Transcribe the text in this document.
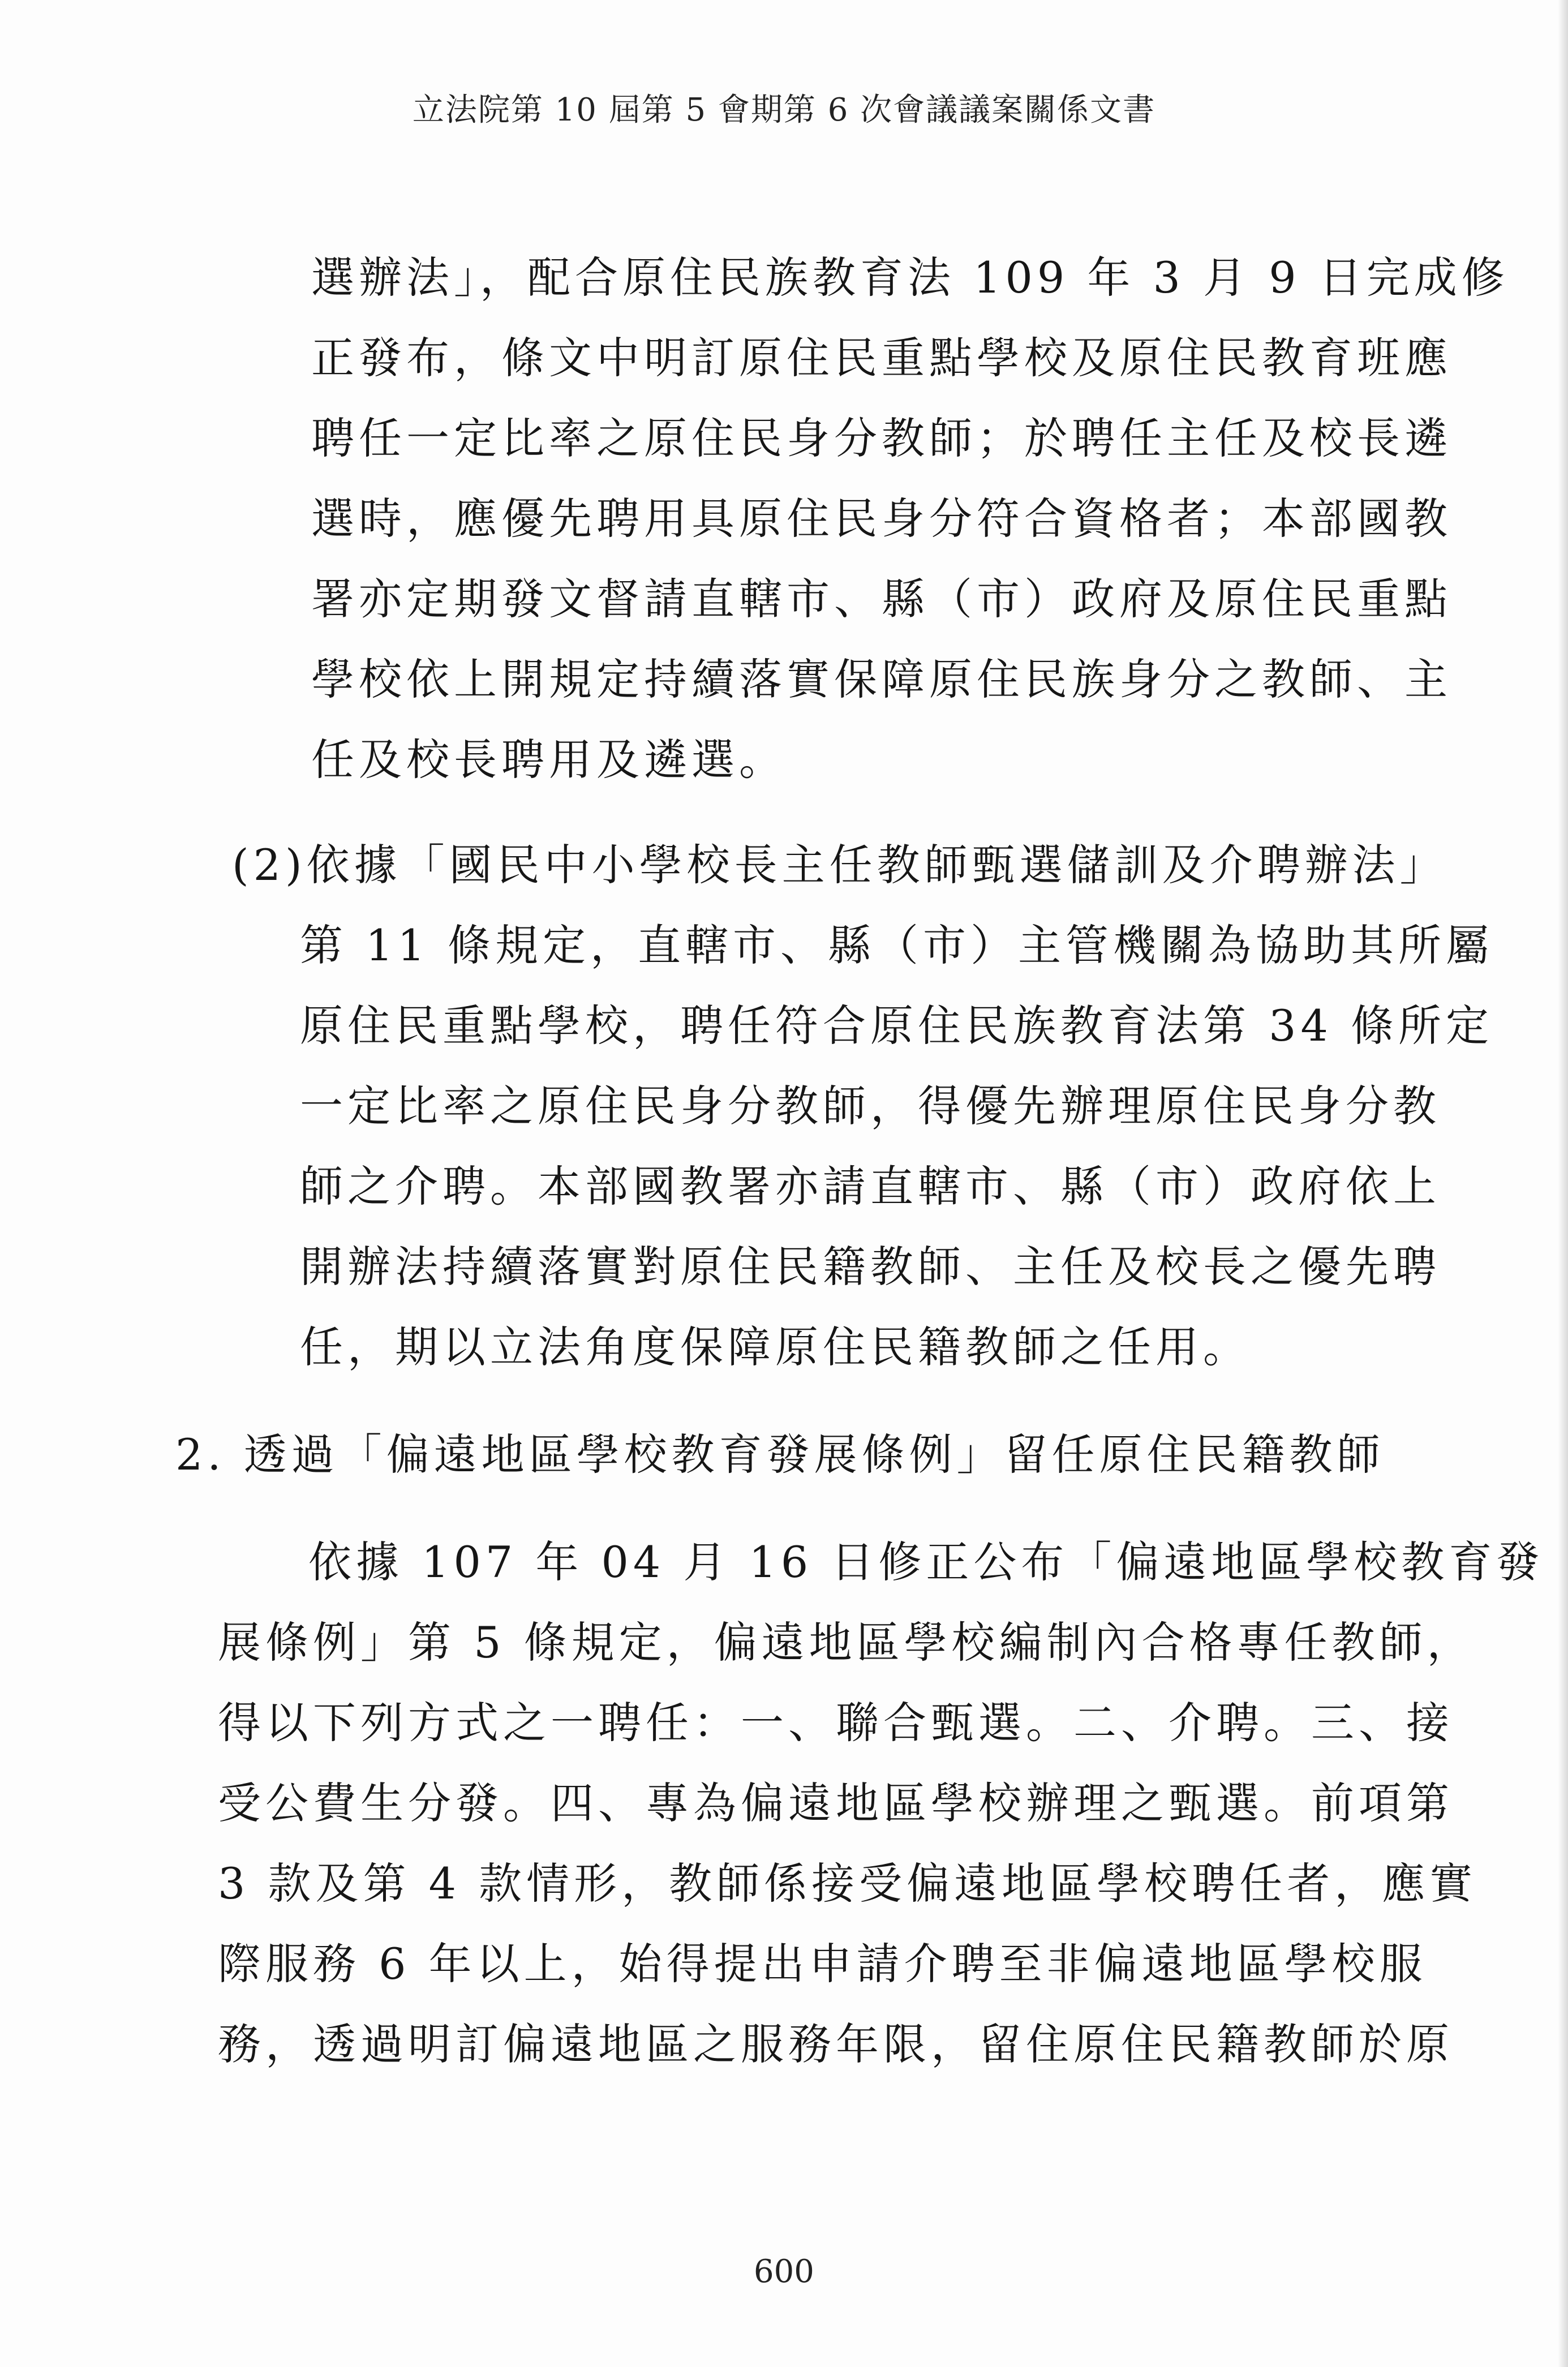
立法院第 10 屆第 5 會期第 6 次會議議案關係文書
選辦法」，配合原住民族教育法 109 年 3 月 9 日完成修
正發布，條文中明訂原住民重點學校及原住民教育班應
聘任一定比率之原住民身分教師；於聘任主任及校長遴
選時，應優先聘用具原住民身分符合資格者；本部國教
署亦定期發文督請直轄市、縣（市）政府及原住民重點
學校依上開規定持續落實保障原住民族身分之教師、主
任及校長聘用及遴選。
(2)依據「國民中小學校長主任教師甄選儲訓及介聘辦法」
第 11 條規定，直轄市、縣（市）主管機關為協助其所屬
原住民重點學校，聘任符合原住民族教育法第 34 條所定
一定比率之原住民身分教師，得優先辦理原住民身分教
師之介聘。本部國教署亦請直轄市、縣（市）政府依上
開辦法持續落實對原住民籍教師、主任及校長之優先聘
任，期以立法角度保障原住民籍教師之任用。
2. 透過「偏遠地區學校教育發展條例」留任原住民籍教師
依據 107 年 04 月 16 日修正公布「偏遠地區學校教育發
展條例」第 5 條規定，偏遠地區學校編制內合格專任教師，
得以下列方式之一聘任：一、聯合甄選。二、介聘。三、接
受公費生分發。四、專為偏遠地區學校辦理之甄選。前項第
3 款及第 4 款情形，教師係接受偏遠地區學校聘任者，應實
際服務 6 年以上，始得提出申請介聘至非偏遠地區學校服
務，透過明訂偏遠地區之服務年限，留住原住民籍教師於原
600
